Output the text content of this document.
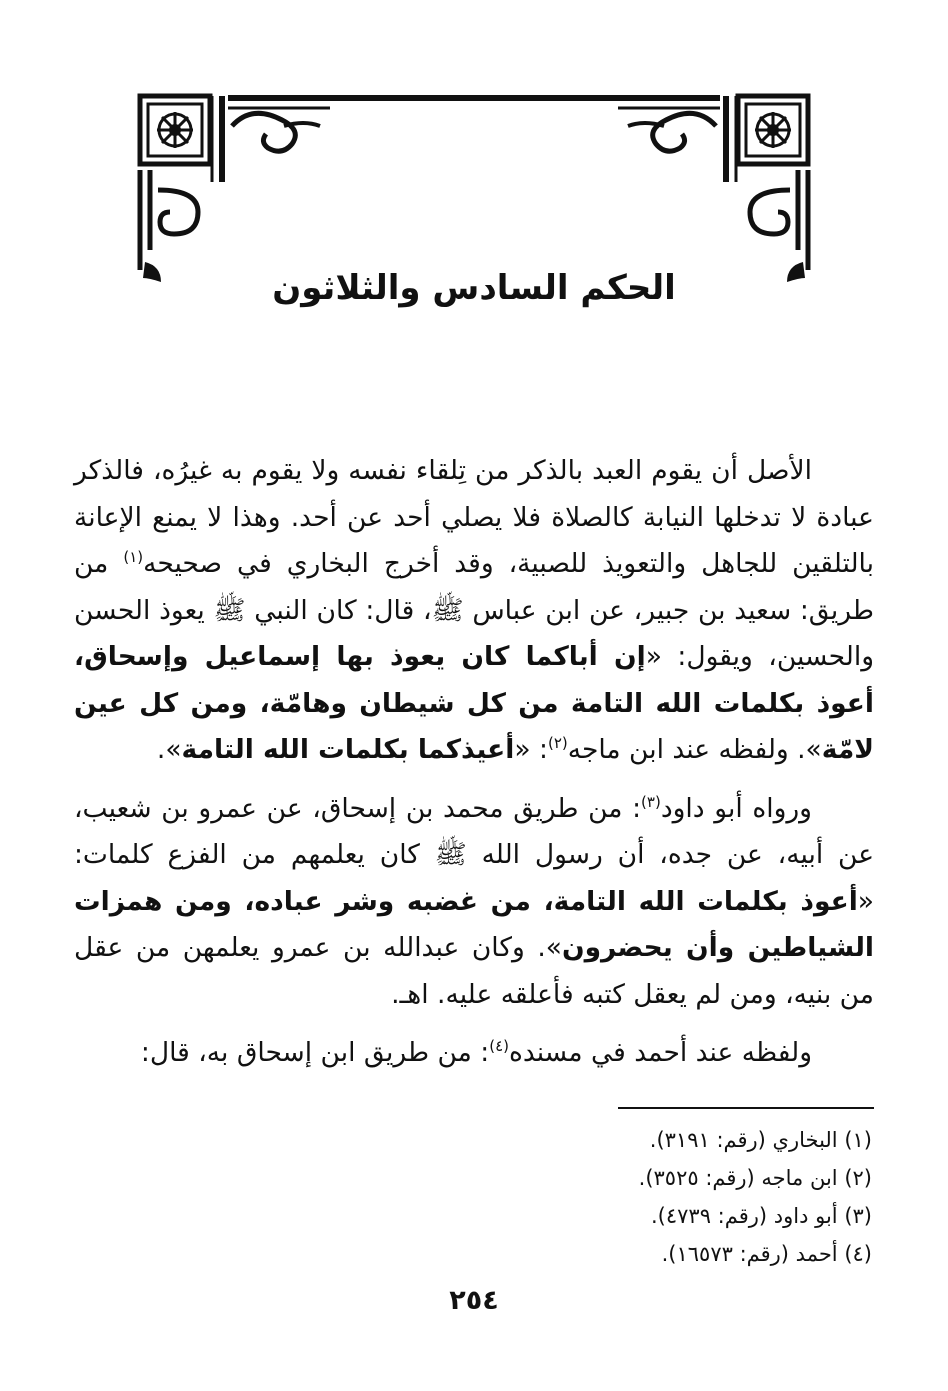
الحكم السادس والثلاثون

الأصل أن يقوم العبد بالذكر من تِلقاء نفسه ولا يقوم به غيرُه، فالذكر عبادة لا تدخلها النيابة كالصلاة فلا يصلي أحد عن أحد. وهذا لا يمنع الإعانة بالتلقين للجاهل والتعويذ للصبية، وقد أخرج البخاري في صحيحه$^{(١)}$ من طريق: سعيد بن جبير، عن ابن عباس ﷺ، قال: كان النبي ﷺ يعوذ الحسن والحسين، ويقول: «إن أباكما كان يعوذ بها إسماعيل وإسحاق، أعوذ بكلمات الله التامة من كل شيطان وهامّة، ومن كل عين لامّة». ولفظه عند ابن ماجه$^{(٢)}$: «أعيذكما بكلمات الله التامة».

ورواه أبو داود$^{(٣)}$: من طريق محمد بن إسحاق، عن عمرو بن شعيب، عن أبيه، عن جده، أن رسول الله ﷺ كان يعلمهم من الفزع كلمات: «أعوذ بكلمات الله التامة، من غضبه وشر عباده، ومن همزات الشياطين وأن يحضرون». وكان عبدالله بن عمرو يعلمهن من عقل من بنيه، ومن لم يعقل كتبه فأعلقه عليه. اهـ.

ولفظه عند أحمد في مسنده$^{(٤)}$: من طريق ابن إسحاق به، قال:

(١) البخاري (رقم: ٣١٩١).

(٢) ابن ماجه (رقم: ٣٥٢٥).

(٣) أبو داود (رقم: ٤٧٣٩).

(٤) أحمد (رقم: ١٦٥٧٣).

٢٥٤
